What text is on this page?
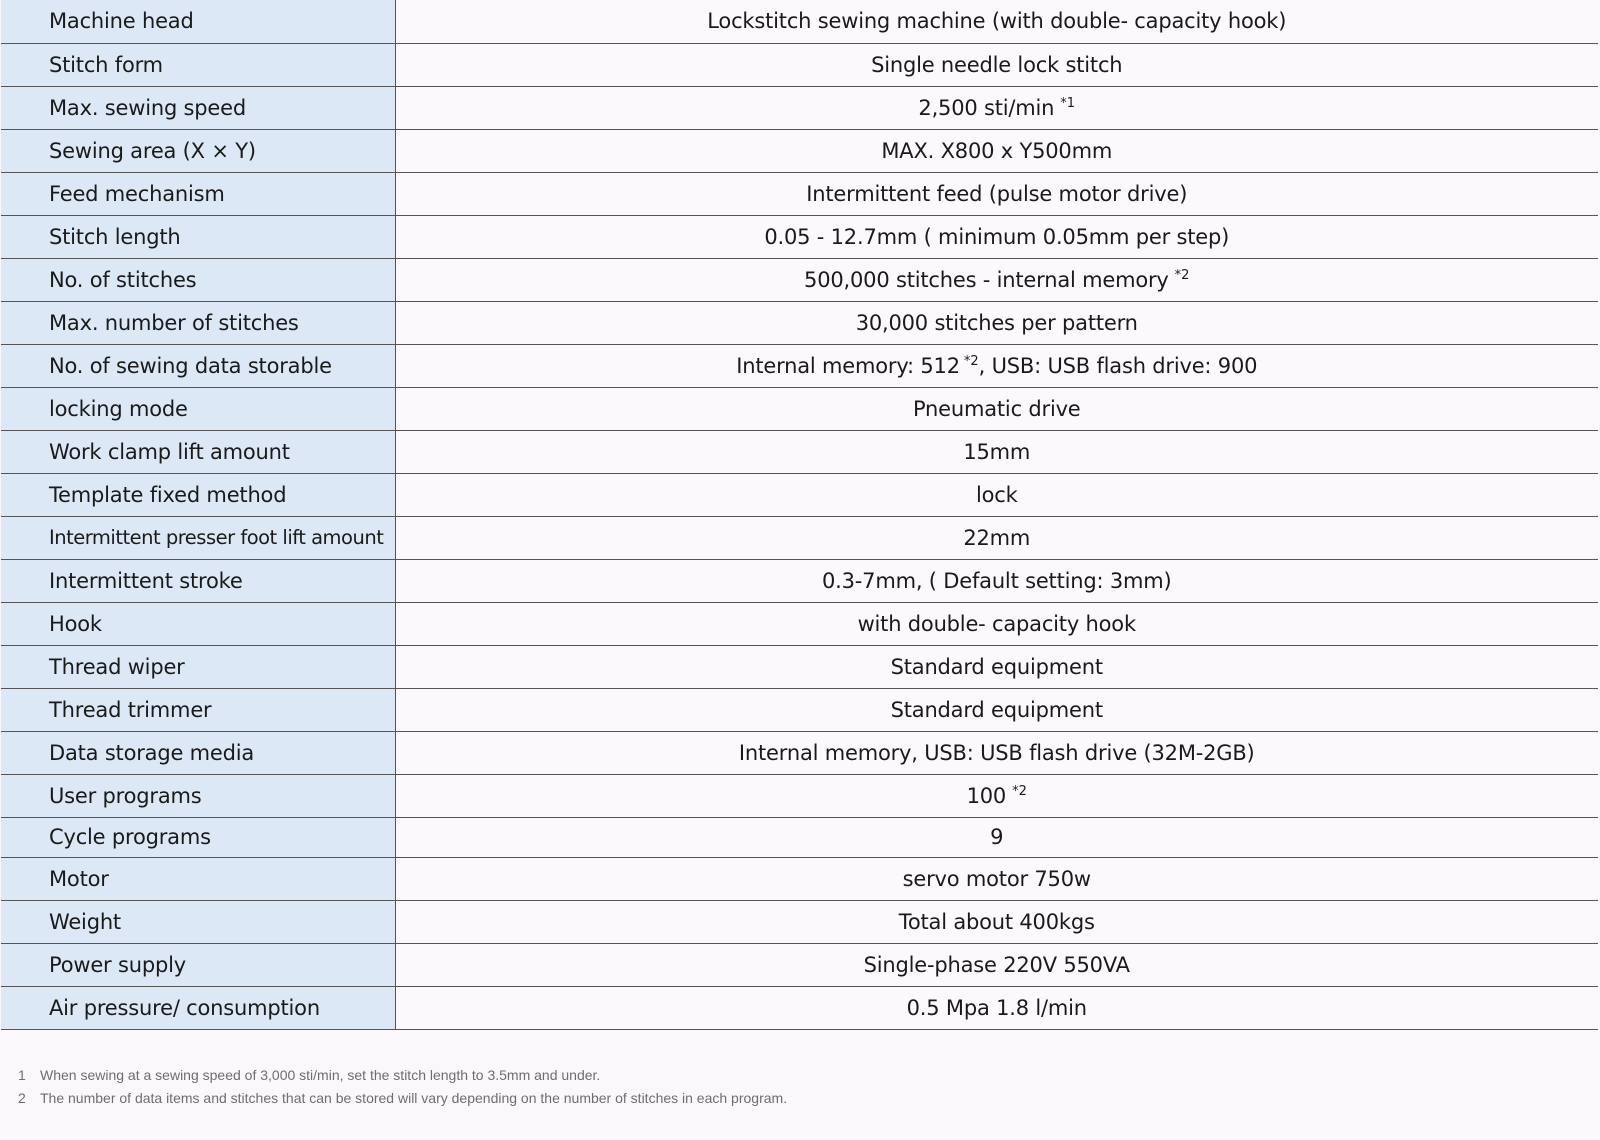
Machine head	Lockstitch sewing machine (with double- capacity hook)
Stitch form	Single needle lock stitch
Max. sewing speed	2,500 sti/min $^{*1}$
Sewing area (X × Y)	MAX. X800 x Y500mm
Feed mechanism	Intermittent feed (pulse motor drive)
Stitch length	0.05 - 12.7mm ( minimum 0.05mm per step)
No. of stitches	500,000 stitches - internal memory $^{*2}$
Max. number of stitches	30,000 stitches per pattern
No. of sewing data storable	Internal memory: 512 $^{*2}$, USB: USB flash drive: 900
locking mode	Pneumatic drive
Work clamp lift amount	15mm
Template fixed method	lock
Intermittent presser foot lift amount	22mm
Intermittent stroke	0.3-7mm, ( Default setting: 3mm)
Hook	with double- capacity hook
Thread wiper	Standard equipment
Thread trimmer	Standard equipment
Data storage media	Internal memory, USB: USB flash drive (32M-2GB)
User programs	100 $^{*2}$
Cycle programs	9
Motor	servo motor 750w
Weight	Total about 400kgs
Power supply	Single-phase 220V 550VA
Air pressure/ consumption	0.5 Mpa 1.8 l/min
1 When sewing at a sewing speed of 3,000 sti/min, set the stitch length to 3.5mm and under.
2 The number of data items and stitches that can be stored will vary depending on the number of stitches in each program.
